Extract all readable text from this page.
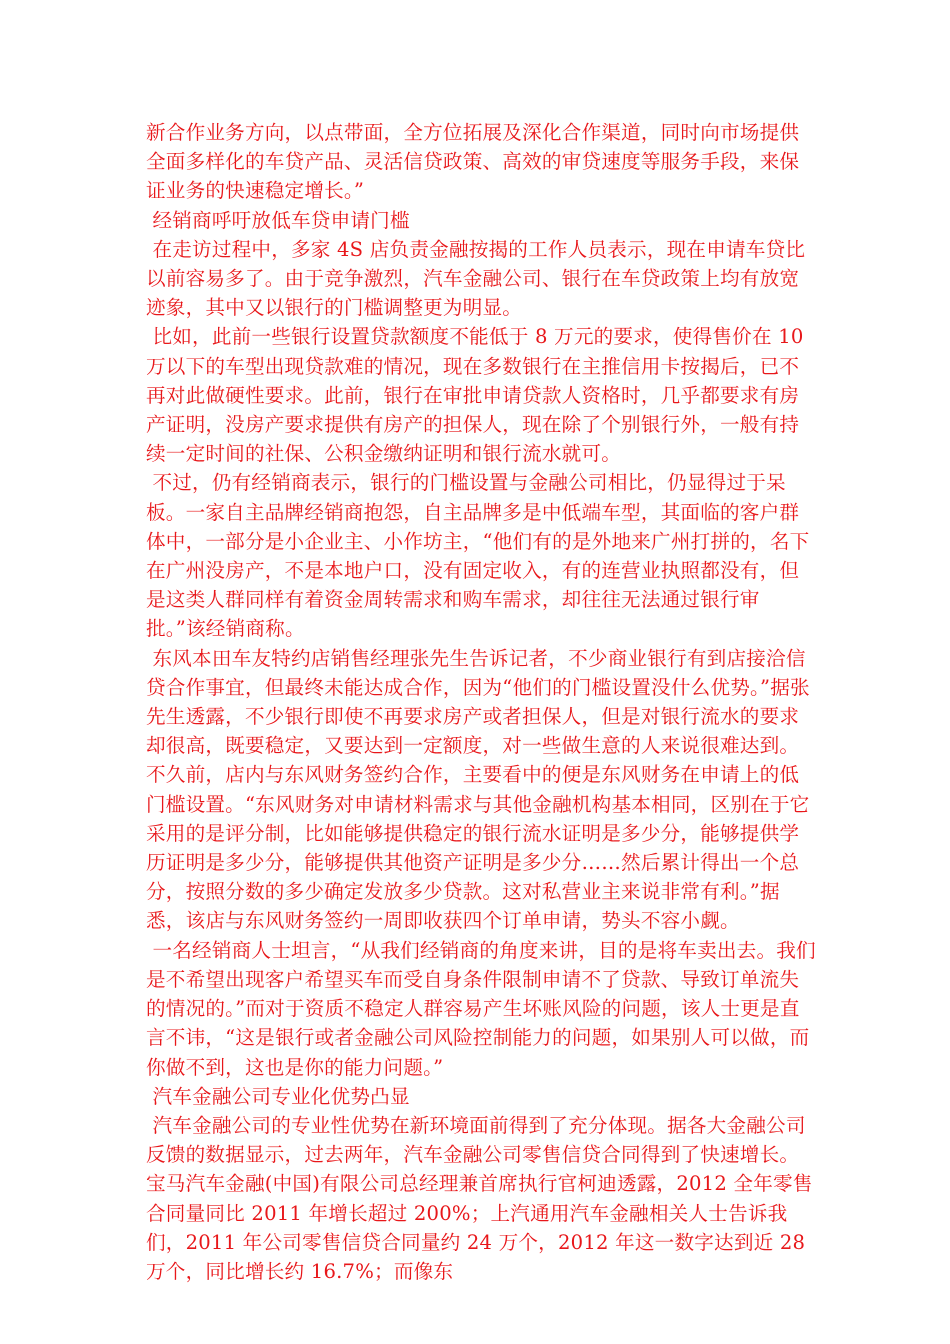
新合作业务方向，以点带面，全方位拓展及深化合作渠道，同时向市场提供全面多样化的车贷产品、灵活信贷政策、高效的审贷速度等服务手段，来保证业务的快速稳定增长。”

经销商呼吁放低车贷申请门槛

在走访过程中，多家 4S 店负责金融按揭的工作人员表示，现在申请车贷比以前容易多了。由于竞争激烈，汽车金融公司、银行在车贷政策上均有放宽迹象，其中又以银行的门槛调整更为明显。

比如，此前一些银行设置贷款额度不能低于 8 万元的要求，使得售价在 10 万以下的车型出现贷款难的情况，现在多数银行在主推信用卡按揭后，已不再对此做硬性要求。此前，银行在审批申请贷款人资格时，几乎都要求有房产证明，没房产要求提供有房产的担保人，现在除了个别银行外，一般有持续一定时间的社保、公积金缴纳证明和银行流水就可。

不过，仍有经销商表示，银行的门槛设置与金融公司相比，仍显得过于呆板。一家自主品牌经销商抱怨，自主品牌多是中低端车型，其面临的客户群体中，一部分是小企业主、小作坊主，“他们有的是外地来广州打拼的，名下在广州没房产，不是本地户口，没有固定收入，有的连营业执照都没有，但是这类人群同样有着资金周转需求和购车需求，却往往无法通过银行审批。”该经销商称。

东风本田车友特约店销售经理张先生告诉记者，不少商业银行有到店接洽信贷合作事宜，但最终未能达成合作，因为“他们的门槛设置没什么优势。”据张先生透露，不少银行即使不再要求房产或者担保人，但是对银行流水的要求却很高，既要稳定，又要达到一定额度，对一些做生意的人来说很难达到。不久前，店内与东风财务签约合作，主要看中的便是东风财务在申请上的低门槛设置。“东风财务对申请材料需求与其他金融机构基本相同，区别在于它采用的是评分制，比如能够提供稳定的银行流水证明是多少分，能够提供学历证明是多少分，能够提供其他资产证明是多少分……然后累计得出一个总分，按照分数的多少确定发放多少贷款。这对私营业主来说非常有利。”据悉，该店与东风财务签约一周即收获四个订单申请，势头不容小觑。

一名经销商人士坦言，“从我们经销商的角度来讲，目的是将车卖出去。我们是不希望出现客户希望买车而受自身条件限制申请不了贷款、导致订单流失的情况的。”而对于资质不稳定人群容易产生坏账风险的问题，该人士更是直言不讳，“这是银行或者金融公司风险控制能力的问题，如果别人可以做，而你做不到，这也是你的能力问题。”

汽车金融公司专业化优势凸显

汽车金融公司的专业性优势在新环境面前得到了充分体现。据各大金融公司反馈的数据显示，过去两年，汽车金融公司零售信贷合同得到了快速增长。宝马汽车金融(中国)有限公司总经理兼首席执行官柯迪透露，2012 全年零售合同量同比 2011 年增长超过 200%；上汽通用汽车金融相关人士告诉我们，2011 年公司零售信贷合同量约 24 万个，2012 年这一数字达到近 28 万个，同比增长约 16.7%；而像东
